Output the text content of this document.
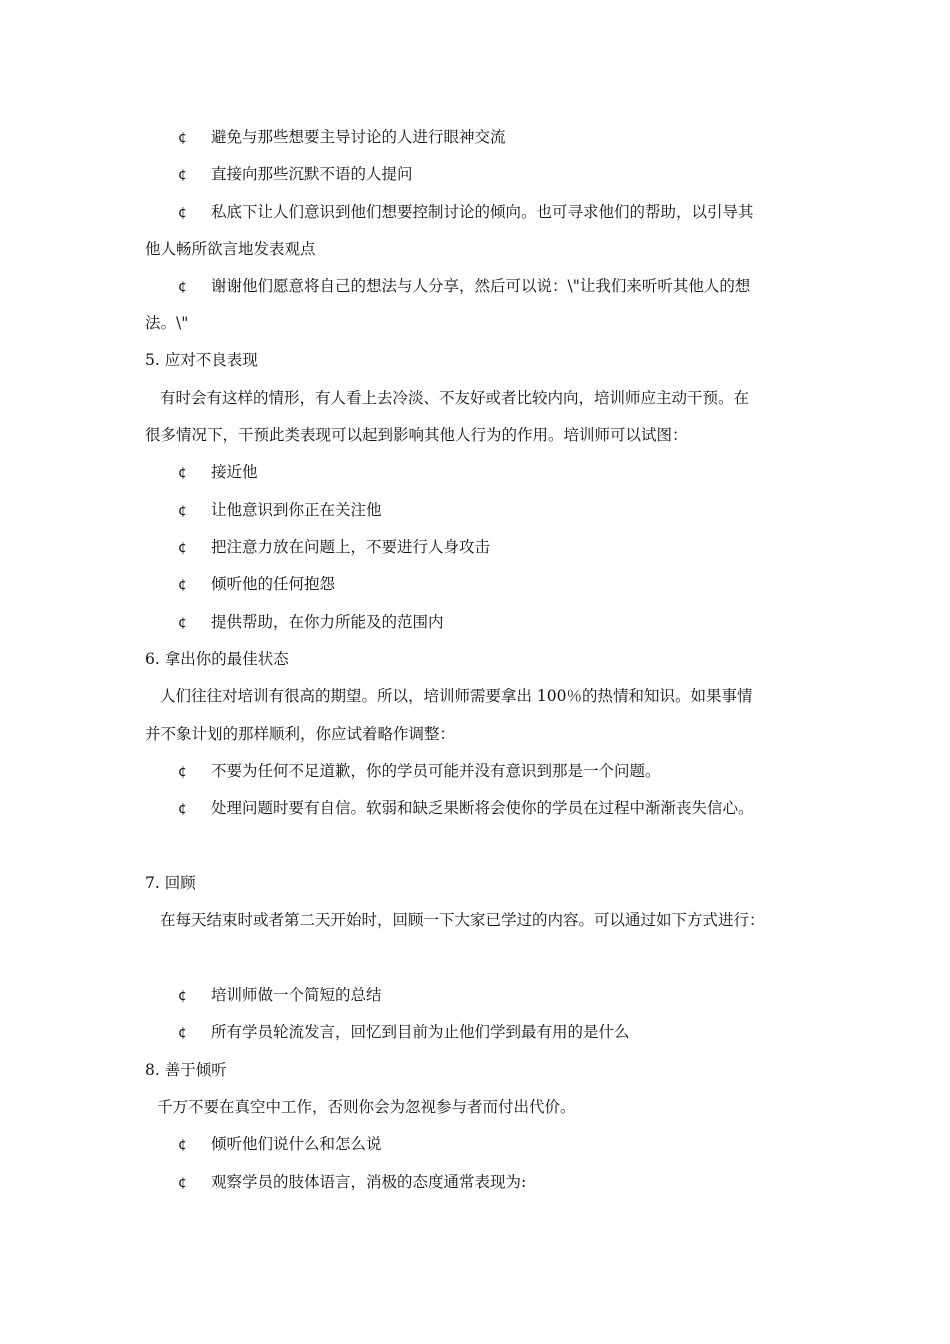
¢ 避免与那些想要主导讨论的人进行眼神交流
¢ 直接向那些沉默不语的人提问
¢ 私底下让人们意识到他们想要控制讨论的倾向。也可寻求他们的帮助，以引导其
他人畅所欲言地发表观点
¢ 谢谢他们愿意将自己的想法与人分享，然后可以说：\"让我们来听听其他人的想
法。\"
5. 应对不良表现
有时会有这样的情形，有人看上去冷淡、不友好或者比较内向，培训师应主动干预。在
很多情况下，干预此类表现可以起到影响其他人行为的作用。培训师可以试图：
¢ 接近他
¢ 让他意识到你正在关注他
¢ 把注意力放在问题上，不要进行人身攻击
¢ 倾听他的任何抱怨
¢ 提供帮助，在你力所能及的范围内
6. 拿出你的最佳状态
人们往往对培训有很高的期望。所以，培训师需要拿出 100％的热情和知识。如果事情
并不象计划的那样顺利，你应试着略作调整：
¢ 不要为任何不足道歉，你的学员可能并没有意识到那是一个问题。
¢ 处理问题时要有自信。软弱和缺乏果断将会使你的学员在过程中渐渐丧失信心。
7. 回顾
在每天结束时或者第二天开始时，回顾一下大家已学过的内容。可以通过如下方式进行：
¢ 培训师做一个简短的总结
¢ 所有学员轮流发言，回忆到目前为止他们学到最有用的是什么
8. 善于倾听
千万不要在真空中工作，否则你会为忽视参与者而付出代价。
¢ 倾听他们说什么和怎么说
¢ 观察学员的肢体语言，消极的态度通常表现为:
